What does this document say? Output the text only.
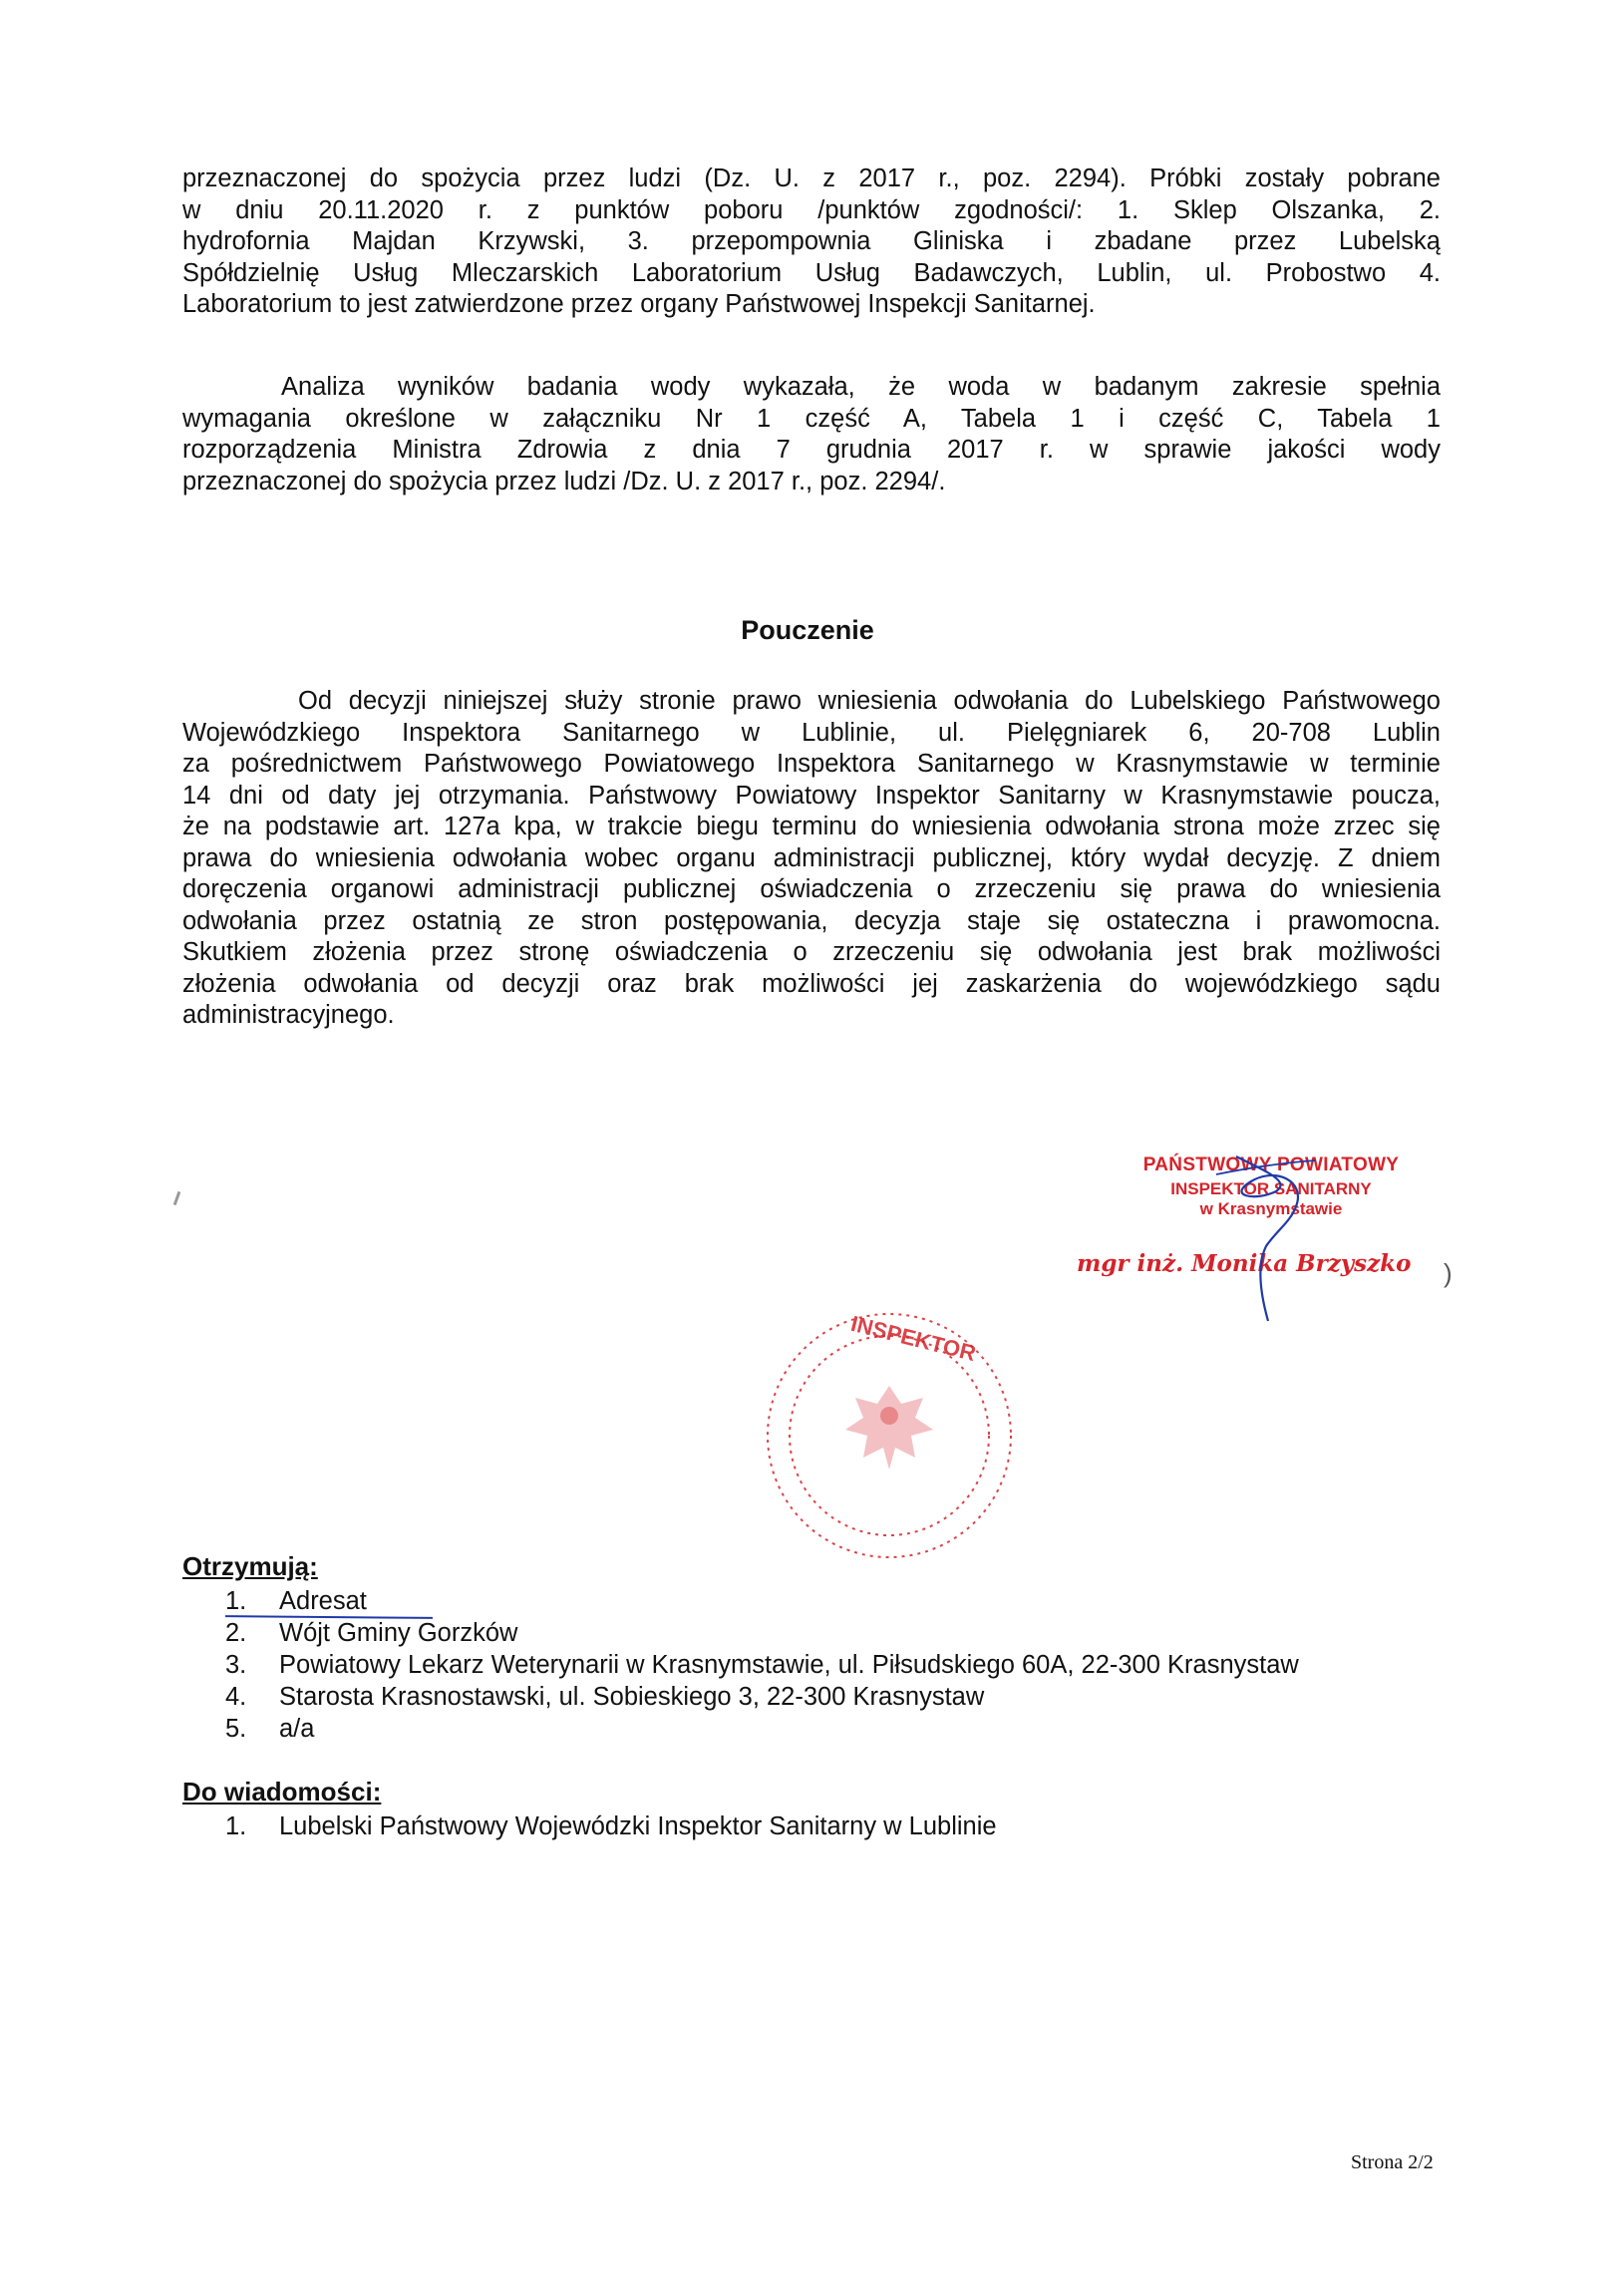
przeznaczonej do spożycia przez ludzi (Dz. U. z 2017 r., poz. 2294). Próbki zostały pobrane
w dniu 20.11.2020 r. z punktów poboru /punktów zgodności/: 1. Sklep Olszanka, 2.
hydrofornia Majdan Krzywski, 3. przepompownia Gliniska i zbadane przez Lubelską
Spółdzielnię Usług Mleczarskich Laboratorium Usług Badawczych, Lublin, ul. Probostwo 4.
Laboratorium to jest zatwierdzone przez organy Państwowej Inspekcji Sanitarnej.
Analiza wyników badania wody wykazała, że woda w badanym zakresie spełnia
wymagania określone w załączniku Nr 1 część A, Tabela 1 i część C, Tabela 1
rozporządzenia Ministra Zdrowia z dnia 7 grudnia 2017 r. w sprawie jakości wody
przeznaczonej do spożycia przez ludzi /Dz. U. z 2017 r., poz. 2294/.
Pouczenie
Od decyzji niniejszej służy stronie prawo wniesienia odwołania do Lubelskiego Państwowego
Wojewódzkiego Inspektora Sanitarnego w Lublinie, ul. Pielęgniarek 6, 20-708 Lublin
za pośrednictwem Państwowego Powiatowego Inspektora Sanitarnego w Krasnymstawie w terminie
14 dni od daty jej otrzymania. Państwowy Powiatowy Inspektor Sanitarny w Krasnymstawie poucza,
że na podstawie art. 127a kpa, w trakcie biegu terminu do wniesienia odwołania strona może zrzec się
prawa do wniesienia odwołania wobec organu administracji publicznej, który wydał decyzję. Z dniem
doręczenia organowi administracji publicznej oświadczenia o zrzeczeniu się prawa do wniesienia
odwołania przez ostatnią ze stron postępowania, decyzja staje się ostateczna i prawomocna.
Skutkiem złożenia przez stronę oświadczenia o zrzeczeniu się odwołania jest brak możliwości
złożenia odwołania od decyzji oraz brak możliwości jej zaskarżenia do wojewódzkiego sądu
administracyjnego.
PAŃSTWOWY POWIATOWY
INSPEKTOR SANITARNY
w Krasnymstawie
mgr inż. Monika Brzyszko
INSPEKTOR
)
Otrzymują:
1.	Adresat
2.	Wójt Gminy Gorzków
3.	Powiatowy Lekarz Weterynarii w Krasnymstawie, ul. Piłsudskiego 60A, 22-300 Krasnystaw
4.	Starosta Krasnostawski, ul. Sobieskiego 3, 22-300 Krasnystaw
5.	a/a
Do wiadomości:
1.	Lubelski Państwowy Wojewódzki Inspektor Sanitarny w Lublinie
Strona 2/2
